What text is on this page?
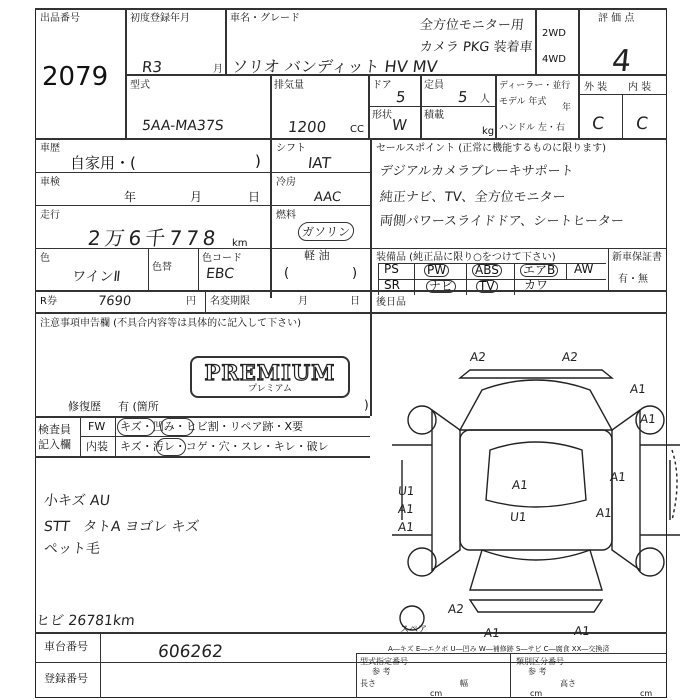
出品番号
2079
初度登録年月
R3	月
車名・グレード
ソリオ バンディット HV MV
全方位モニター用
カメラ PKG 装着車
2WD
4WD
評 価 点
4
型式
5AA-MA37S
排気量
1200 CC
ドア
5
定員
5 人
形状
W
積載
kg
ディーラー・並行
モデル 年式
年
ハンドル 左・右
外 装 内 装
C C
車歴
自家用・(	)
シフト
IAT
セールスポイント (正常に機能するものに限ります)
デジアルカメラブレーキサポート
純正ナビ、TV、全方位モニター
両側パワースライドドア、シートヒーター
車検
年	月	日
冷房
AAC
走行
2万6千778 km
燃料
ガソリン
軽 油
(	)
色
ワインⅡ
色替
色コード
EBC
装備品 (純正品に限り○をつけて下さい)	新車保証書
有・無
PS PW ABS エアB AW
SR ナビ TV カワ
R券	7690	円 名変期限	月	日 後日品
注意事項申告欄 (不具合内容等は具体的に記入して下さい)
PREMIUM
プレミアム
修復歴 有 (箇所	)
検査員
記入欄
FW キズ・凹み・ヒビ割・リペア跡・X要
内装 キズ・汚レ・コゲ・穴・スレ・キレ・破レ
小キズ AU
STT   タトA ヨゴレ キズ
ペット毛
ヒビ 26781km
A2	A2
A1
A1
A1
U1
A1
A1
A1
U1	A1
A2
A1	A1
スペア
A―キズ E―エクボ U―凹み W―補修跡 S―サビ C―腐食 XX―交換済
車台番号	606262
登録番号
型式指定番号	類別区分番号
参 考	参 考
長さ	幅	高さ
cm	cm	cm
